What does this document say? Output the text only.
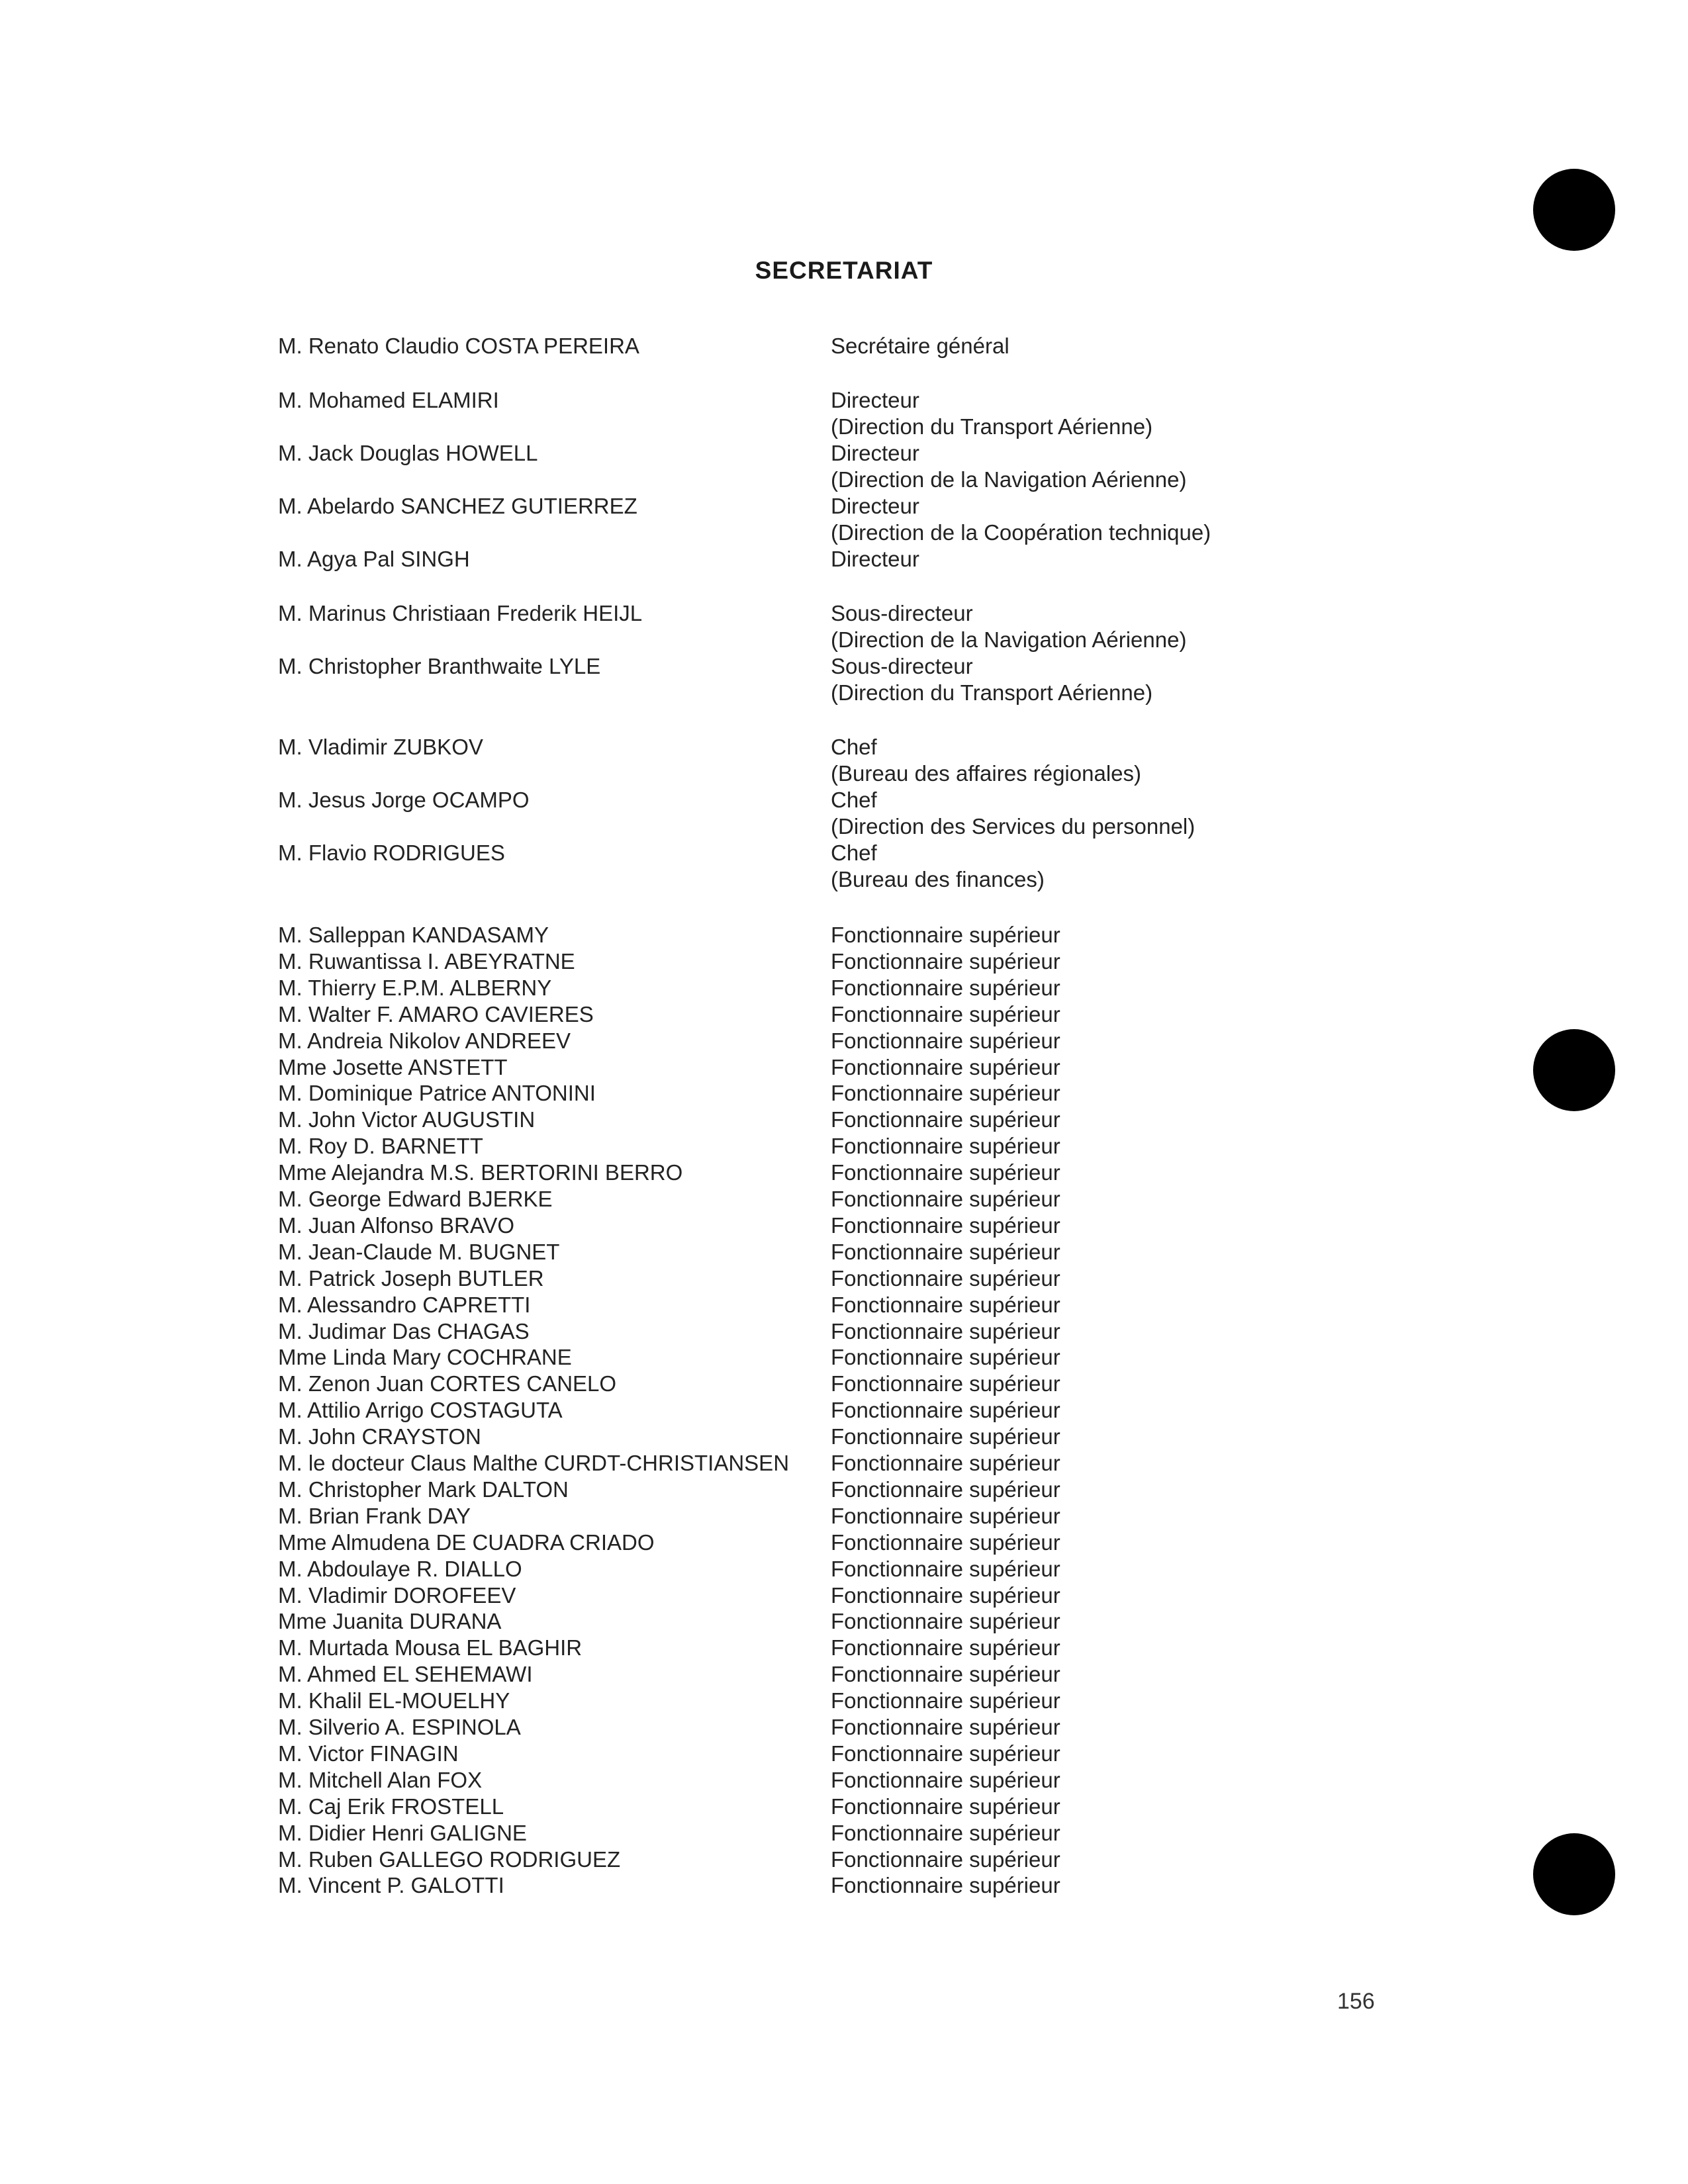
SECRETARIAT
M. Renato Claudio COSTA PEREIRA	Secrétaire général
M. Mohamed ELAMIRI	Directeur
(Direction du Transport Aérienne)
M. Jack Douglas HOWELL	Directeur
(Direction de la Navigation Aérienne)
M. Abelardo SANCHEZ GUTIERREZ	Directeur
(Direction de la Coopération technique)
M. Agya Pal SINGH	Directeur
M. Marinus Christiaan Frederik HEIJL	Sous-directeur
(Direction de la Navigation Aérienne)
M. Christopher Branthwaite LYLE	Sous-directeur
(Direction du Transport Aérienne)
M. Vladimir ZUBKOV	Chef
(Bureau des affaires régionales)
M. Jesus Jorge OCAMPO	Chef
(Direction des Services du personnel)
M. Flavio RODRIGUES	Chef
(Bureau des finances)
M. Salleppan KANDASAMY	Fonctionnaire supérieur
M. Ruwantissa I. ABEYRATNE	Fonctionnaire supérieur
M. Thierry E.P.M. ALBERNY	Fonctionnaire supérieur
M. Walter F. AMARO CAVIERES	Fonctionnaire supérieur
M. Andreia Nikolov ANDREEV	Fonctionnaire supérieur
Mme Josette ANSTETT	Fonctionnaire supérieur
M. Dominique Patrice ANTONINI	Fonctionnaire supérieur
M. John Victor AUGUSTIN	Fonctionnaire supérieur
M. Roy D. BARNETT	Fonctionnaire supérieur
Mme Alejandra M.S. BERTORINI BERRO	Fonctionnaire supérieur
M. George Edward BJERKE	Fonctionnaire supérieur
M. Juan Alfonso BRAVO	Fonctionnaire supérieur
M. Jean-Claude M. BUGNET	Fonctionnaire supérieur
M. Patrick Joseph BUTLER	Fonctionnaire supérieur
M. Alessandro CAPRETTI	Fonctionnaire supérieur
M. Judimar Das CHAGAS	Fonctionnaire supérieur
Mme Linda Mary COCHRANE	Fonctionnaire supérieur
M. Zenon Juan CORTES CANELO	Fonctionnaire supérieur
M. Attilio Arrigo COSTAGUTA	Fonctionnaire supérieur
M. John CRAYSTON	Fonctionnaire supérieur
M. le docteur Claus Malthe CURDT-CHRISTIANSEN Fonctionnaire supérieur
M. Christopher Mark DALTON	Fonctionnaire supérieur
M. Brian Frank DAY	Fonctionnaire supérieur
Mme Almudena DE CUADRA CRIADO	Fonctionnaire supérieur
M. Abdoulaye R. DIALLO	Fonctionnaire supérieur
M. Vladimir DOROFEEV	Fonctionnaire supérieur
Mme Juanita DURANA	Fonctionnaire supérieur
M. Murtada Mousa EL BAGHIR	Fonctionnaire supérieur
M. Ahmed EL SEHEMAWI	Fonctionnaire supérieur
M. Khalil EL-MOUELHY	Fonctionnaire supérieur
M. Silverio A. ESPINOLA	Fonctionnaire supérieur
M. Victor FINAGIN	Fonctionnaire supérieur
M. Mitchell Alan FOX	Fonctionnaire supérieur
M. Caj Erik FROSTELL	Fonctionnaire supérieur
M. Didier Henri GALIGNE	Fonctionnaire supérieur
M. Ruben GALLEGO RODRIGUEZ	Fonctionnaire supérieur
M. Vincent P. GALOTTI	Fonctionnaire supérieur
156
